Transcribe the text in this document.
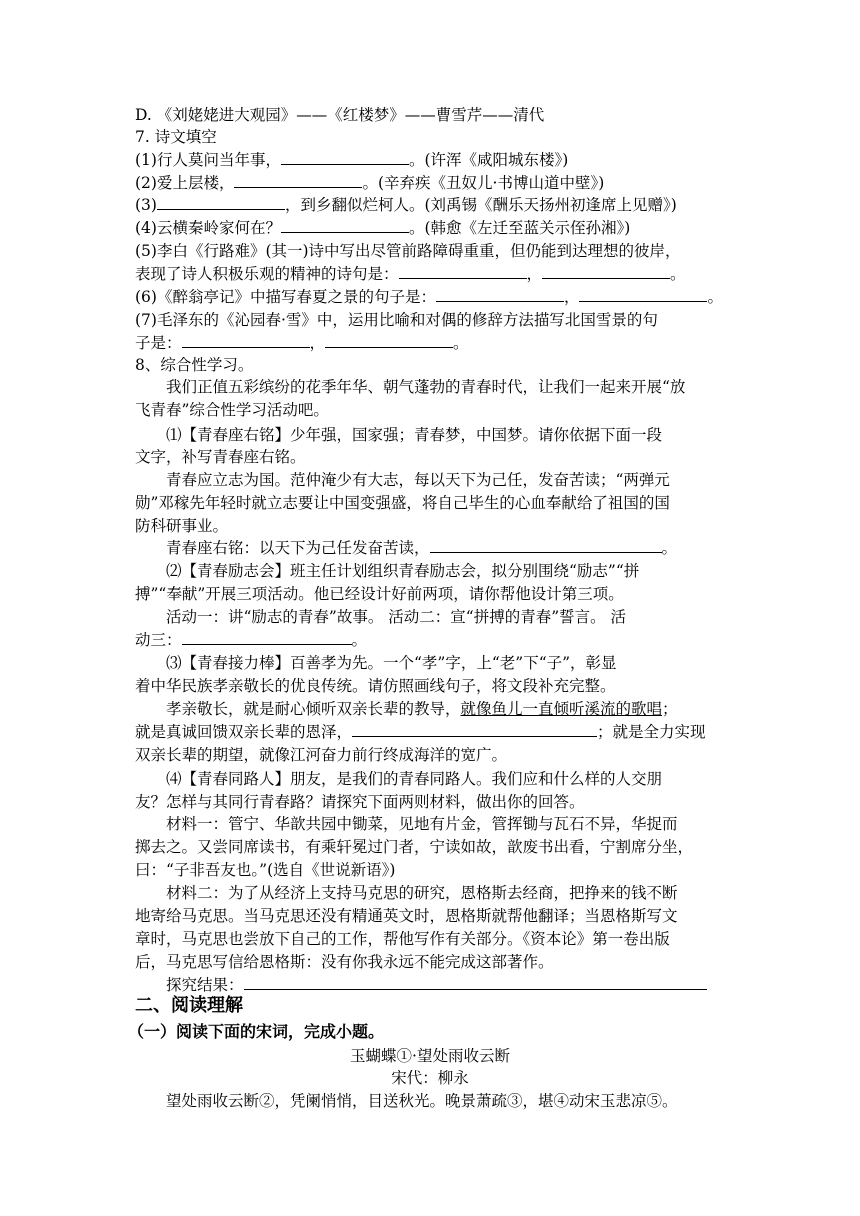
D. 《刘姥姥进大观园》——《红楼梦》——曹雪芹——清代
7. 诗文填空
(1)行人莫问当年事，	。(许浑《咸阳城东楼》)
(2)爱上层楼，	。(辛弃疾《丑奴儿·书博山道中壁》)
(3)	，到乡翻似烂柯人。(刘禹锡《酬乐天扬州初逢席上见赠》)
(4)云横秦岭家何在？	。(韩愈《左迁至蓝关示侄孙湘》)
(5)李白《行路难》(其一)诗中写出尽管前路障碍重重，但仍能到达理想的彼岸，
表现了诗人积极乐观的精神的诗句是：	，	。
(6)《醉翁亭记》中描写春夏之景的句子是：	，	。
(7)毛泽东的《沁园春·雪》中，运用比喻和对偶的修辞方法描写北国雪景的句
子是：	，	。
8、综合性学习。
我们正值五彩缤纷的花季年华、朝气蓬勃的青春时代，让我们一起来开展“放
飞青春”综合性学习活动吧。
⑴【青春座右铭】少年强，国家强；青春梦，中国梦。请你依据下面一段
文字，补写青春座右铭。
青春应立志为国。范仲淹少有大志，每以天下为己任，发奋苦读；“两弹元
勋”邓稼先年轻时就立志要让中国变强盛，将自己毕生的心血奉献给了祖国的国
防科研事业。
青春座右铭：以天下为己任发奋苦读，	。
⑵【青春励志会】班主任计划组织青春励志会，拟分别围绕“励志”“拼
搏”“奉献”开展三项活动。他已经设计好前两项，请你帮他设计第三项。
活动一：讲“励志的青春”故事。 活动二：宣“拼搏的青春”誓言。 活
动三：	。
⑶【青春接力棒】百善孝为先。一个“孝”字，上“老”下“子”，彰显
着中华民族孝亲敬长的优良传统。请仿照画线句子，将文段补充完整。
孝亲敬长，就是耐心倾听双亲长辈的教导，就像鱼儿一直倾听溪流的歌唱；
就是真诚回馈双亲长辈的恩泽，	；就是全力实现
双亲长辈的期望，就像江河奋力前行终成海洋的宽广。
⑷【青春同路人】朋友，是我们的青春同路人。我们应和什么样的人交朋
友？怎样与其同行青春路？请探究下面两则材料，做出你的回答。
材料一：管宁、华歆共园中锄菜，见地有片金，管挥锄与瓦石不异，华捉而
掷去之。又尝同席读书，有乘轩冕过门者，宁读如故，歆废书出看，宁割席分坐，
曰：“子非吾友也。”(选自《世说新语》)
材料二：为了从经济上支持马克思的研究，恩格斯去经商，把挣来的钱不断
地寄给马克思。当马克思还没有精通英文时，恩格斯就帮他翻译；当恩格斯写文
章时，马克思也尝放下自己的工作，帮他写作有关部分。《资本论》第一卷出版
后，马克思写信给恩格斯：没有你我永远不能完成这部著作。
探究结果：
二、阅读理解
（一）阅读下面的宋词，完成小题。
玉蝴蝶①·望处雨收云断
宋代：柳永
望处雨收云断②，凭阑悄悄，目送秋光。晚景萧疏③，堪④动宋玉悲凉⑤。
